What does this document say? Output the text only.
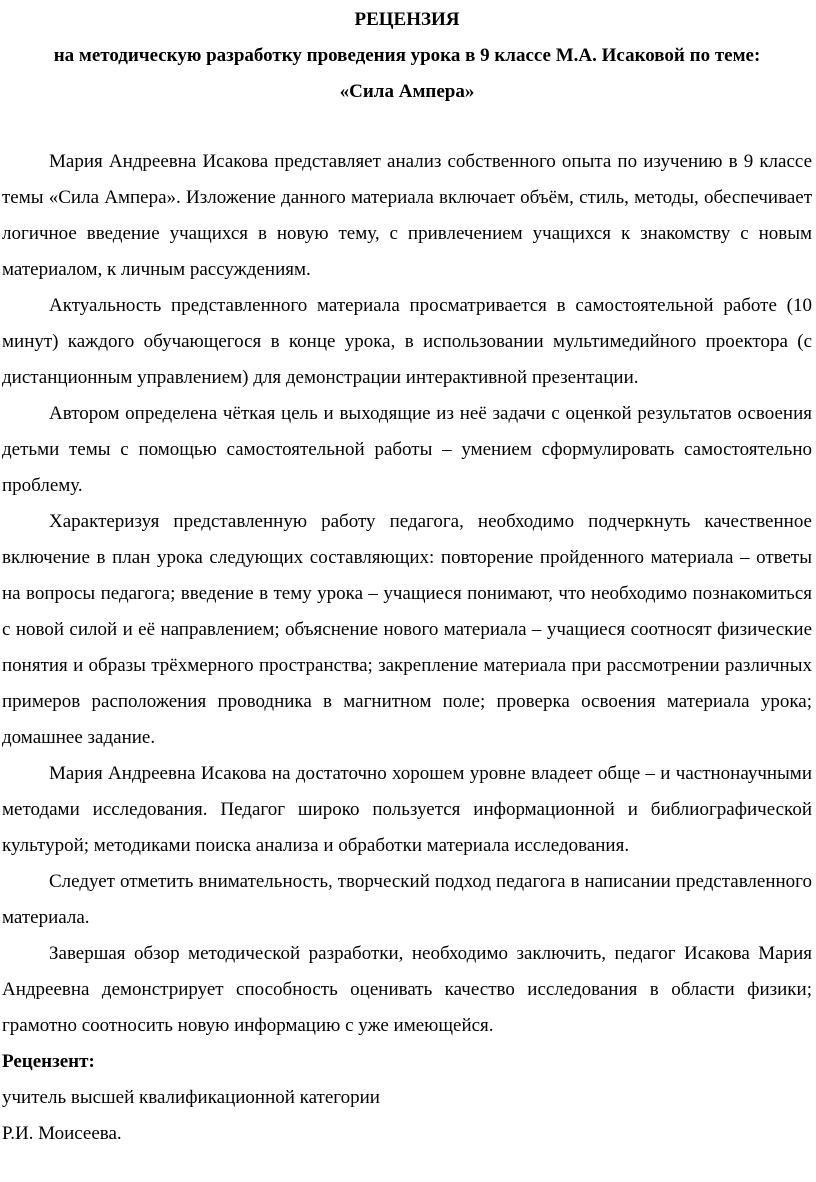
РЕЦЕНЗИЯ

на методическую разработку проведения урока в 9 классе М.А. Исаковой по теме:

«Сила Ампера»

Мария Андреевна Исакова представляет анализ собственного опыта по изучению в 9 классе темы «Сила Ампера». Изложение данного материала включает объём, стиль, методы, обеспечивает логичное введение учащихся в новую тему, с привлечением учащихся к знакомству с новым материалом, к личным рассуждениям.

Актуальность представленного материала просматривается в самостоятельной работе (10 минут) каждого обучающегося в конце урока, в использовании мультимедийного проектора (с дистанционным управлением) для демонстрации интерактивной презентации.

Автором определена чёткая цель и выходящие из неё задачи с оценкой результатов освоения детьми темы с помощью самостоятельной работы – умением сформулировать самостоятельно проблему.

Характеризуя представленную работу педагога, необходимо подчеркнуть качественное включение в план урока следующих составляющих: повторение пройденного материала – ответы на вопросы педагога; введение в тему урока – учащиеся понимают, что необходимо познакомиться с новой силой и её направлением; объяснение нового материала – учащиеся соотносят физические понятия и образы трёхмерного пространства; закрепление материала при рассмотрении различных примеров расположения проводника в магнитном поле; проверка освоения материала урока; домашнее задание.

Мария Андреевна Исакова на достаточно хорошем уровне владеет обще – и частнонаучными методами исследования. Педагог широко пользуется информационной и библиографической культурой; методиками поиска анализа и обработки материала исследования.

Следует отметить внимательность, творческий подход педагога в написании представленного материала.

Завершая обзор методической разработки, необходимо заключить, педагог Исакова Мария Андреевна демонстрирует способность оценивать качество исследования в области физики; грамотно соотносить новую информацию с уже имеющейся.

Рецензент:

учитель высшей квалификационной категории

Р.И. Моисеева.
